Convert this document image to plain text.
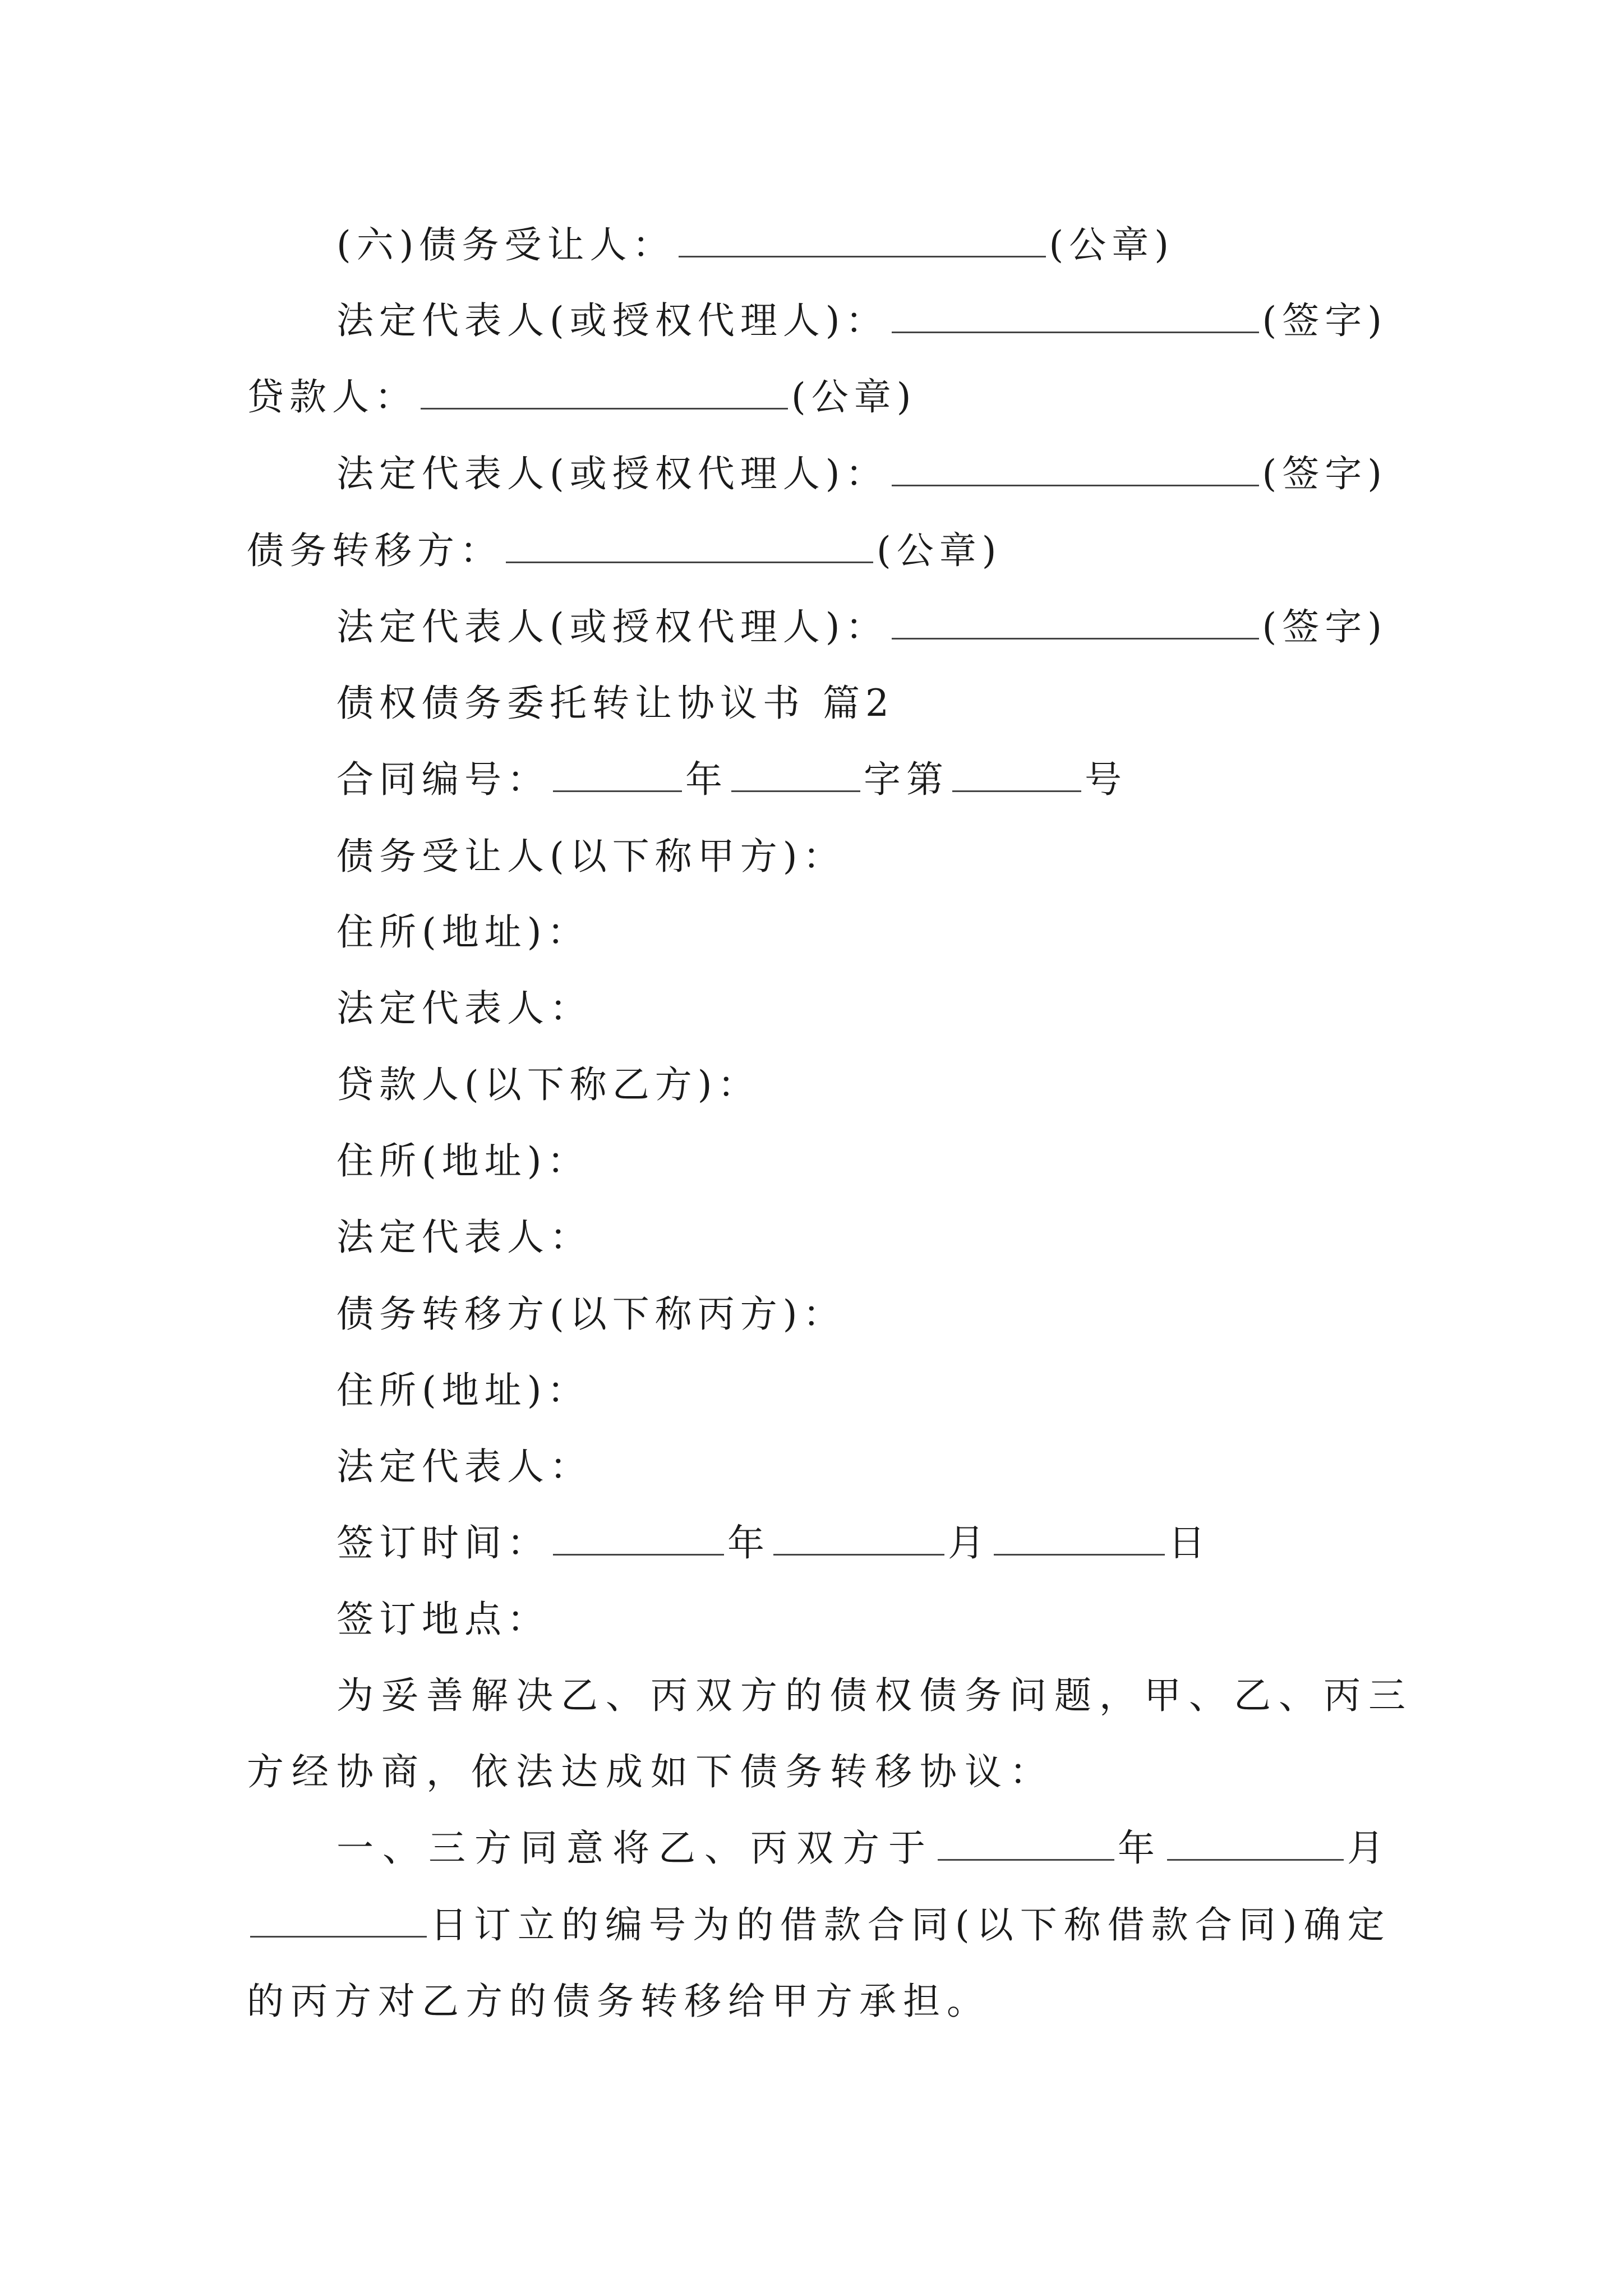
(六)债务受让人：	(公章)
法定代表人(或授权代理人)：	(签字)
贷款人：	(公章)
法定代表人(或授权代理人)：	(签字)
债务转移方：	(公章)
法定代表人(或授权代理人)：	(签字)
债权债务委托转让协议书 篇2
合同编号：	年	字第	号
债务受让人(以下称甲方)：
住所(地址)：
法定代表人：
贷款人(以下称乙方)：
住所(地址)：
法定代表人：
债务转移方(以下称丙方)：
住所(地址)：
法定代表人：
签订时间：	年	月	日
签订地点：
为妥善解决乙、丙双方的债权债务问题，甲、乙、丙三
方经协商，依法达成如下债务转移协议：
一、三方同意将乙、丙双方于	年	月
日订立的编号为的借款合同(以下称借款合同)确定
的丙方对乙方的债务转移给甲方承担。
